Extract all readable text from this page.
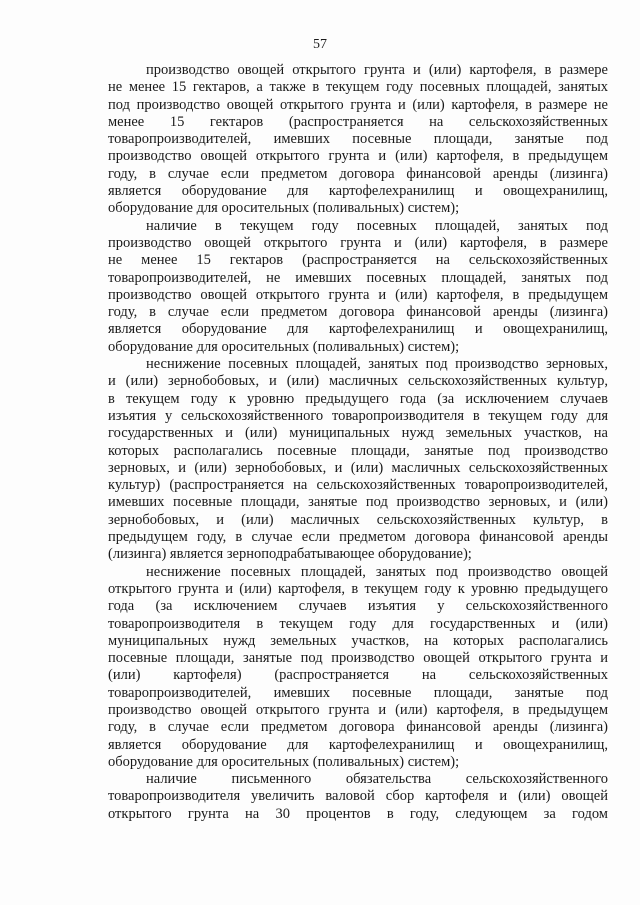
57
производство овощей открытого грунта и (или) картофеля, в размере
не менее 15 гектаров, а также в текущем году посевных площадей, занятых
под производство овощей открытого грунта и (или) картофеля, в размере не
менее 15 гектаров (распространяется на сельскохозяйственных
товаропроизводителей, имевших посевные площади, занятые под
производство овощей открытого грунта и (или) картофеля, в предыдущем
году, в случае если предметом договора финансовой аренды (лизинга)
является оборудование для картофелехранилищ и овощехранилищ,
оборудование для оросительных (поливальных) систем);
наличие в текущем году посевных площадей, занятых под
производство овощей открытого грунта и (или) картофеля, в размере
не менее 15 гектаров (распространяется на сельскохозяйственных
товаропроизводителей, не имевших посевных площадей, занятых под
производство овощей открытого грунта и (или) картофеля, в предыдущем
году, в случае если предметом договора финансовой аренды (лизинга)
является оборудование для картофелехранилищ и овощехранилищ,
оборудование для оросительных (поливальных) систем);
неснижение посевных площадей, занятых под производство зерновых,
и (или) зернобобовых, и (или) масличных сельскохозяйственных культур,
в текущем году к уровню предыдущего года (за исключением случаев
изъятия у сельскохозяйственного товаропроизводителя в текущем году для
государственных и (или) муниципальных нужд земельных участков, на
которых располагались посевные площади, занятые под производство
зерновых, и (или) зернобобовых, и (или) масличных сельскохозяйственных
культур) (распространяется на сельскохозяйственных товаропроизводителей,
имевших посевные площади, занятые под производство зерновых, и (или)
зернобобовых, и (или) масличных сельскохозяйственных культур, в
предыдущем году, в случае если предметом договора финансовой аренды
(лизинга) является зерноподрабатывающее оборудование);
неснижение посевных площадей, занятых под производство овощей
открытого грунта и (или) картофеля, в текущем году к уровню предыдущего
года (за исключением случаев изъятия у сельскохозяйственного
товаропроизводителя в текущем году для государственных и (или)
муниципальных нужд земельных участков, на которых располагались
посевные площади, занятые под производство овощей открытого грунта и
(или) картофеля) (распространяется на сельскохозяйственных
товаропроизводителей, имевших посевные площади, занятые под
производство овощей открытого грунта и (или) картофеля, в предыдущем
году, в случае если предметом договора финансовой аренды (лизинга)
является оборудование для картофелехранилищ и овощехранилищ,
оборудование для оросительных (поливальных) систем);
наличие письменного обязательства сельскохозяйственного
товаропроизводителя увеличить валовой сбор картофеля и (или) овощей
открытого грунта на 30 процентов в году, следующем за годом
